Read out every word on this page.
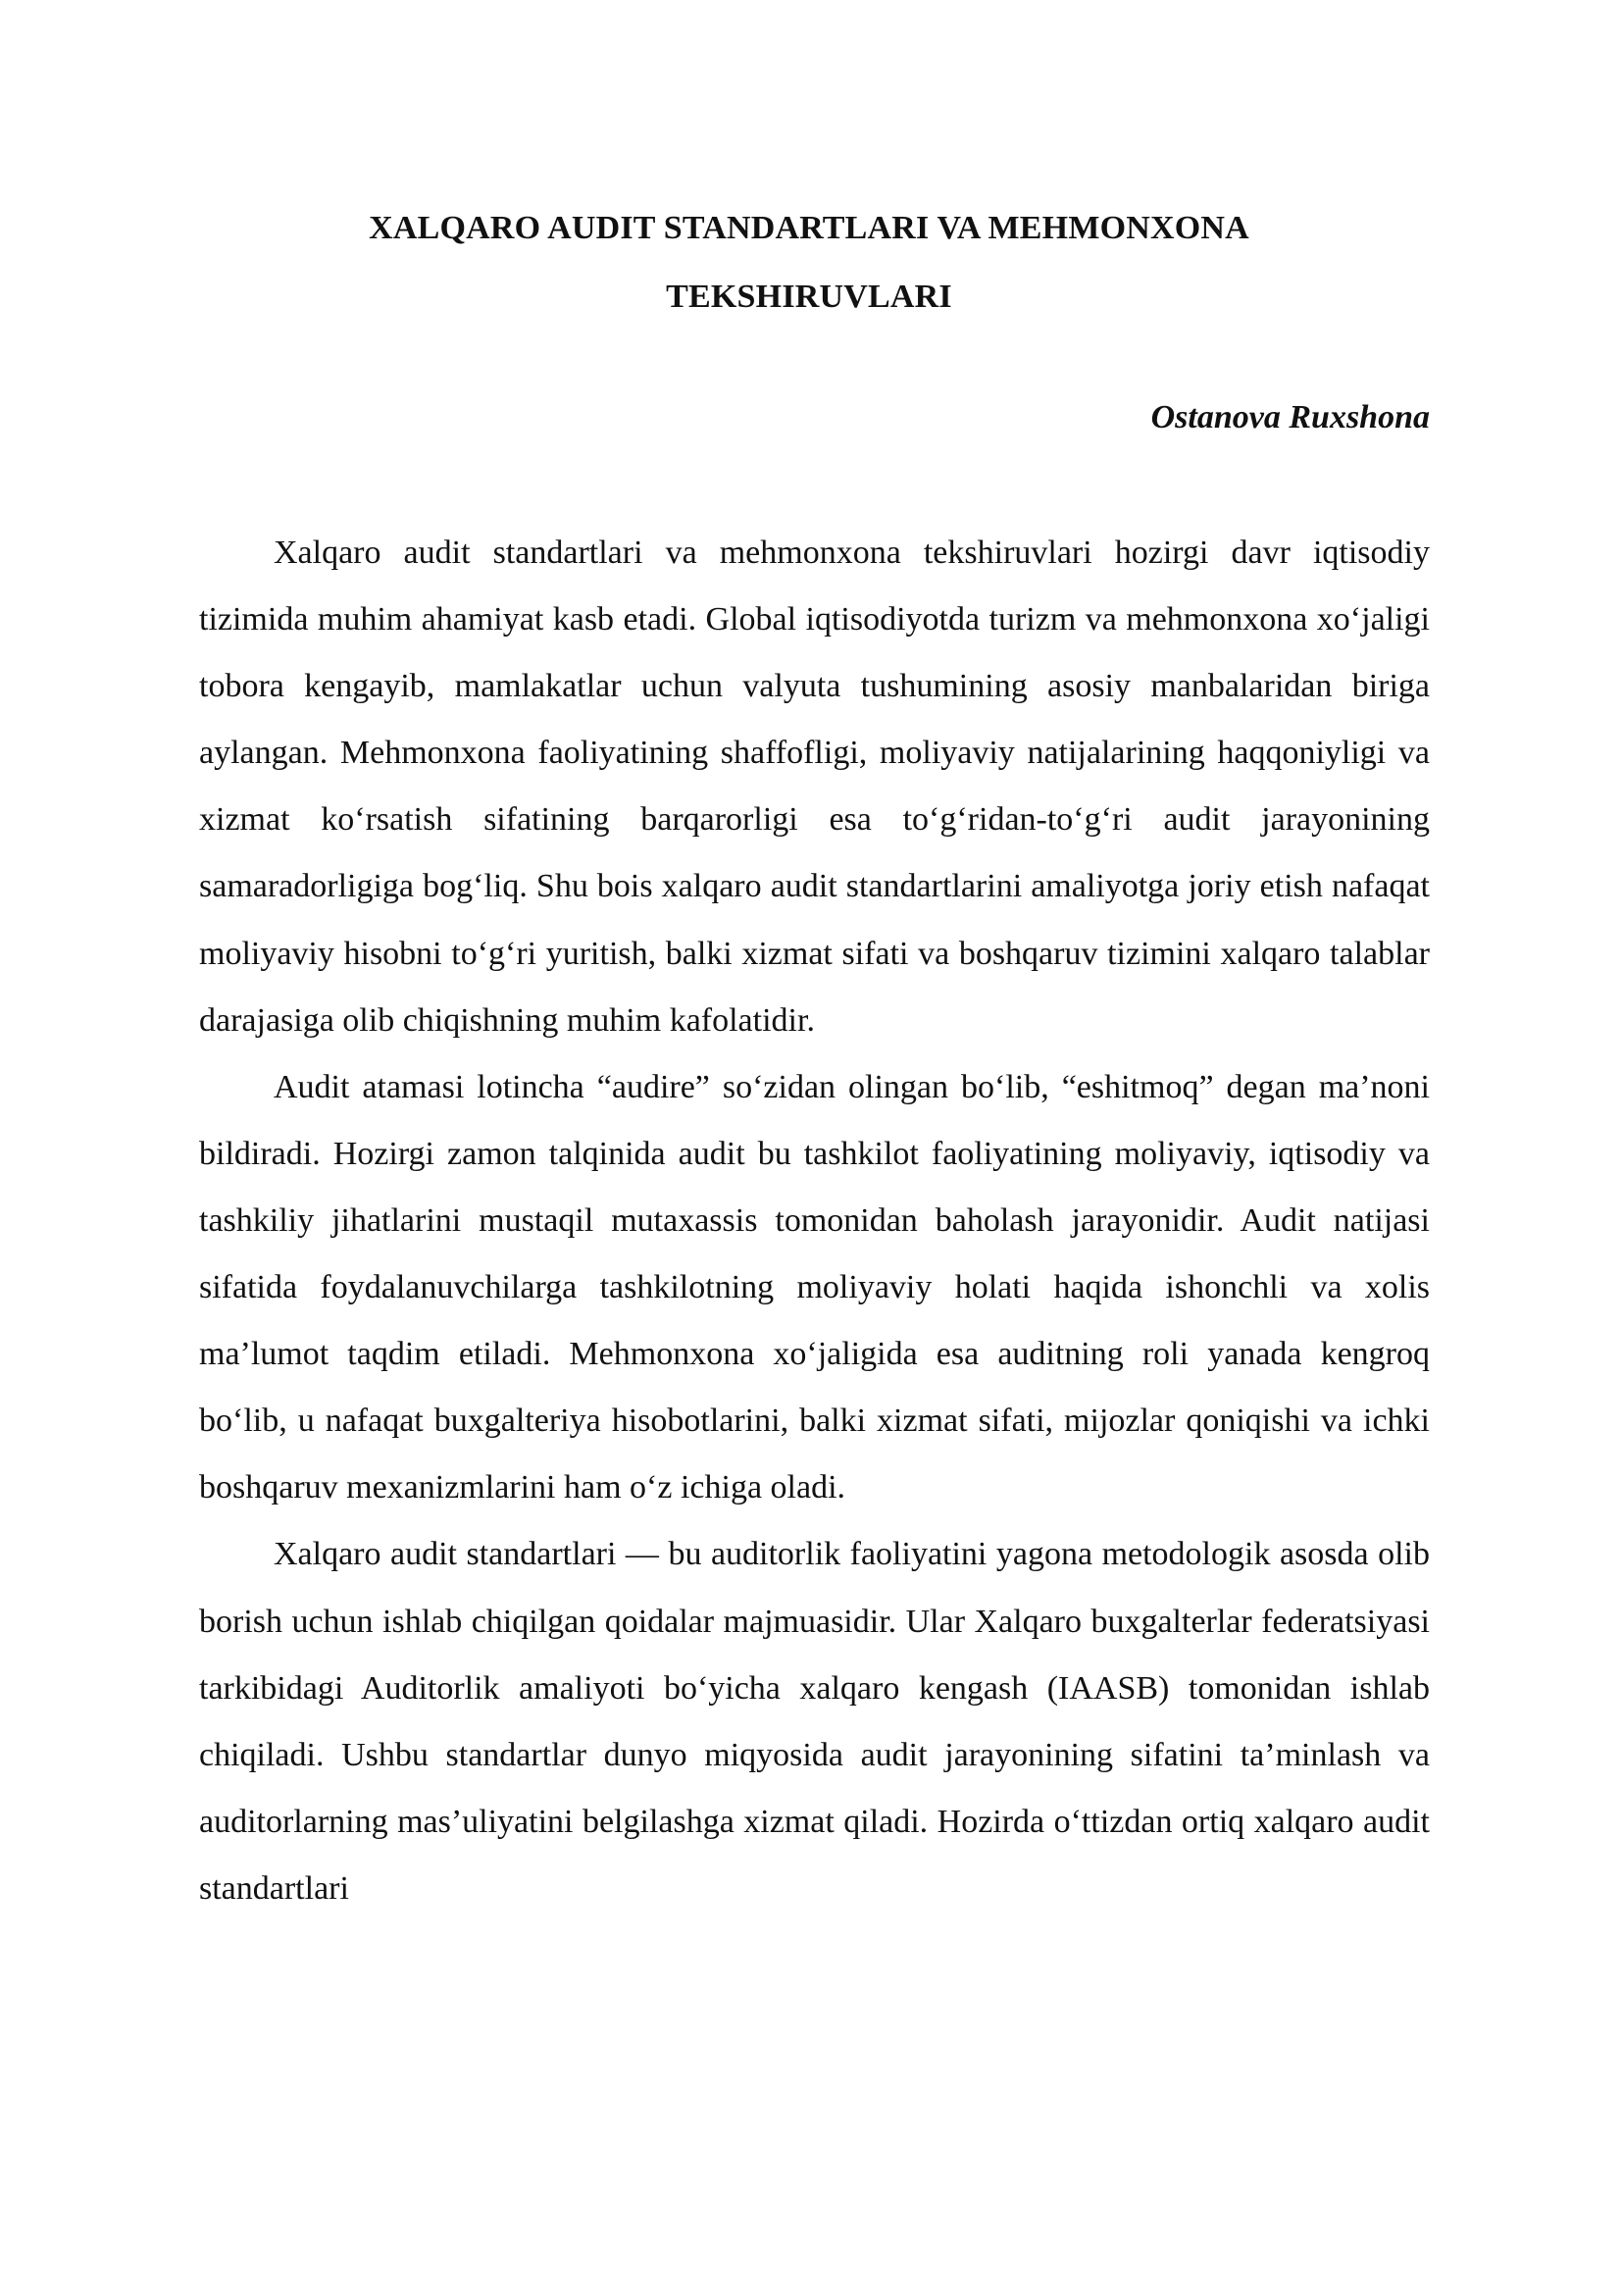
XALQARO AUDIT STANDARTLARI VA MEHMONXONA
TEKSHIRUVLARI
Ostanova Ruxshona

Xalqaro audit standartlari va mehmonxona tekshiruvlari hozirgi davr iqtisodiy tizimida muhim ahamiyat kasb etadi. Global iqtisodiyotda turizm va mehmonxona xo‘jaligi tobora kengayib, mamlakatlar uchun valyuta tushumining asosiy manbalaridan biriga aylangan. Mehmonxona faoliyatining shaffofligi, moliyaviy natijalarining haqqoniyligi va xizmat ko‘rsatish sifatining barqarorligi esa to‘g‘ridan-to‘g‘ri audit jarayonining samaradorligiga bog‘liq. Shu bois xalqaro audit standartlarini amaliyotga joriy etish nafaqat moliyaviy hisobni to‘g‘ri yuritish, balki xizmat sifati va boshqaruv tizimini xalqaro talablar darajasiga olib chiqishning muhim kafolatidir.

Audit atamasi lotincha “audire” so‘zidan olingan bo‘lib, “eshitmoq” degan ma’noni bildiradi. Hozirgi zamon talqinida audit bu tashkilot faoliyatining moliyaviy, iqtisodiy va tashkiliy jihatlarini mustaqil mutaxassis tomonidan baholash jarayonidir. Audit natijasi sifatida foydalanuvchilarga tashkilotning moliyaviy holati haqida ishonchli va xolis ma’lumot taqdim etiladi. Mehmonxona xo‘jaligida esa auditning roli yanada kengroq bo‘lib, u nafaqat buxgalteriya hisobotlarini, balki xizmat sifati, mijozlar qoniqishi va ichki boshqaruv mexanizmlarini ham o‘z ichiga oladi.

Xalqaro audit standartlari — bu auditorlik faoliyatini yagona metodologik asosda olib borish uchun ishlab chiqilgan qoidalar majmuasidir. Ular Xalqaro buxgalterlar federatsiyasi tarkibidagi Auditorlik amaliyoti bo‘yicha xalqaro kengash (IAASB) tomonidan ishlab chiqiladi. Ushbu standartlar dunyo miqyosida audit jarayonining sifatini ta’minlash va auditorlarning mas’uliyatini belgilashga xizmat qiladi. Hozirda o‘ttizdan ortiq xalqaro audit standartlari
